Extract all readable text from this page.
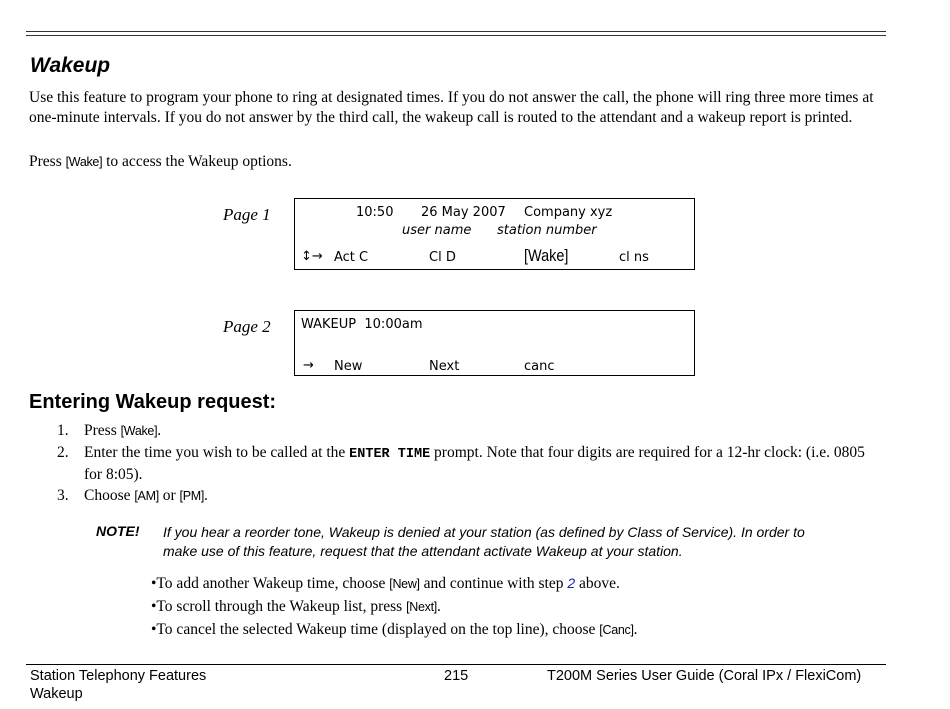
Wakeup

Use this feature to program your phone to ring at designated times. If you do not answer the call, the phone will ring three more times at one-minute intervals. If you do not answer by the third call, the wakeup call is routed to the attendant and a wakeup report is printed.

Press [Wake] to access the Wakeup options.

Page 1	10:50 26 May 2007 Company xyz
user name station number
↕→ Act C	Cl D	[Wake]	cl ns
Page 2 WAKEUP  10:00am
→ New	Next	canc
Entering Wakeup request:
1. Press [Wake].
2. Enter the time you wish to be called at the ENTER TIME prompt. Note that four digits are required for a 12-hr clock: (i.e. 0805 for 8:05).
3. Choose [AM] or [PM].
NOTE! If you hear a reorder tone, Wakeup is denied at your station (as defined by Class of Service). In order to make use of this feature, request that the attendant activate Wakeup at your station.
•To add another Wakeup time, choose [New] and continue with step 2 above.
•To scroll through the Wakeup list, press [Next].
•To cancel the selected Wakeup time (displayed on the top line), choose [Canc].
Station Telephony Features
Wakeup
215	T200M Series User Guide (Coral IPx / FlexiCom)
